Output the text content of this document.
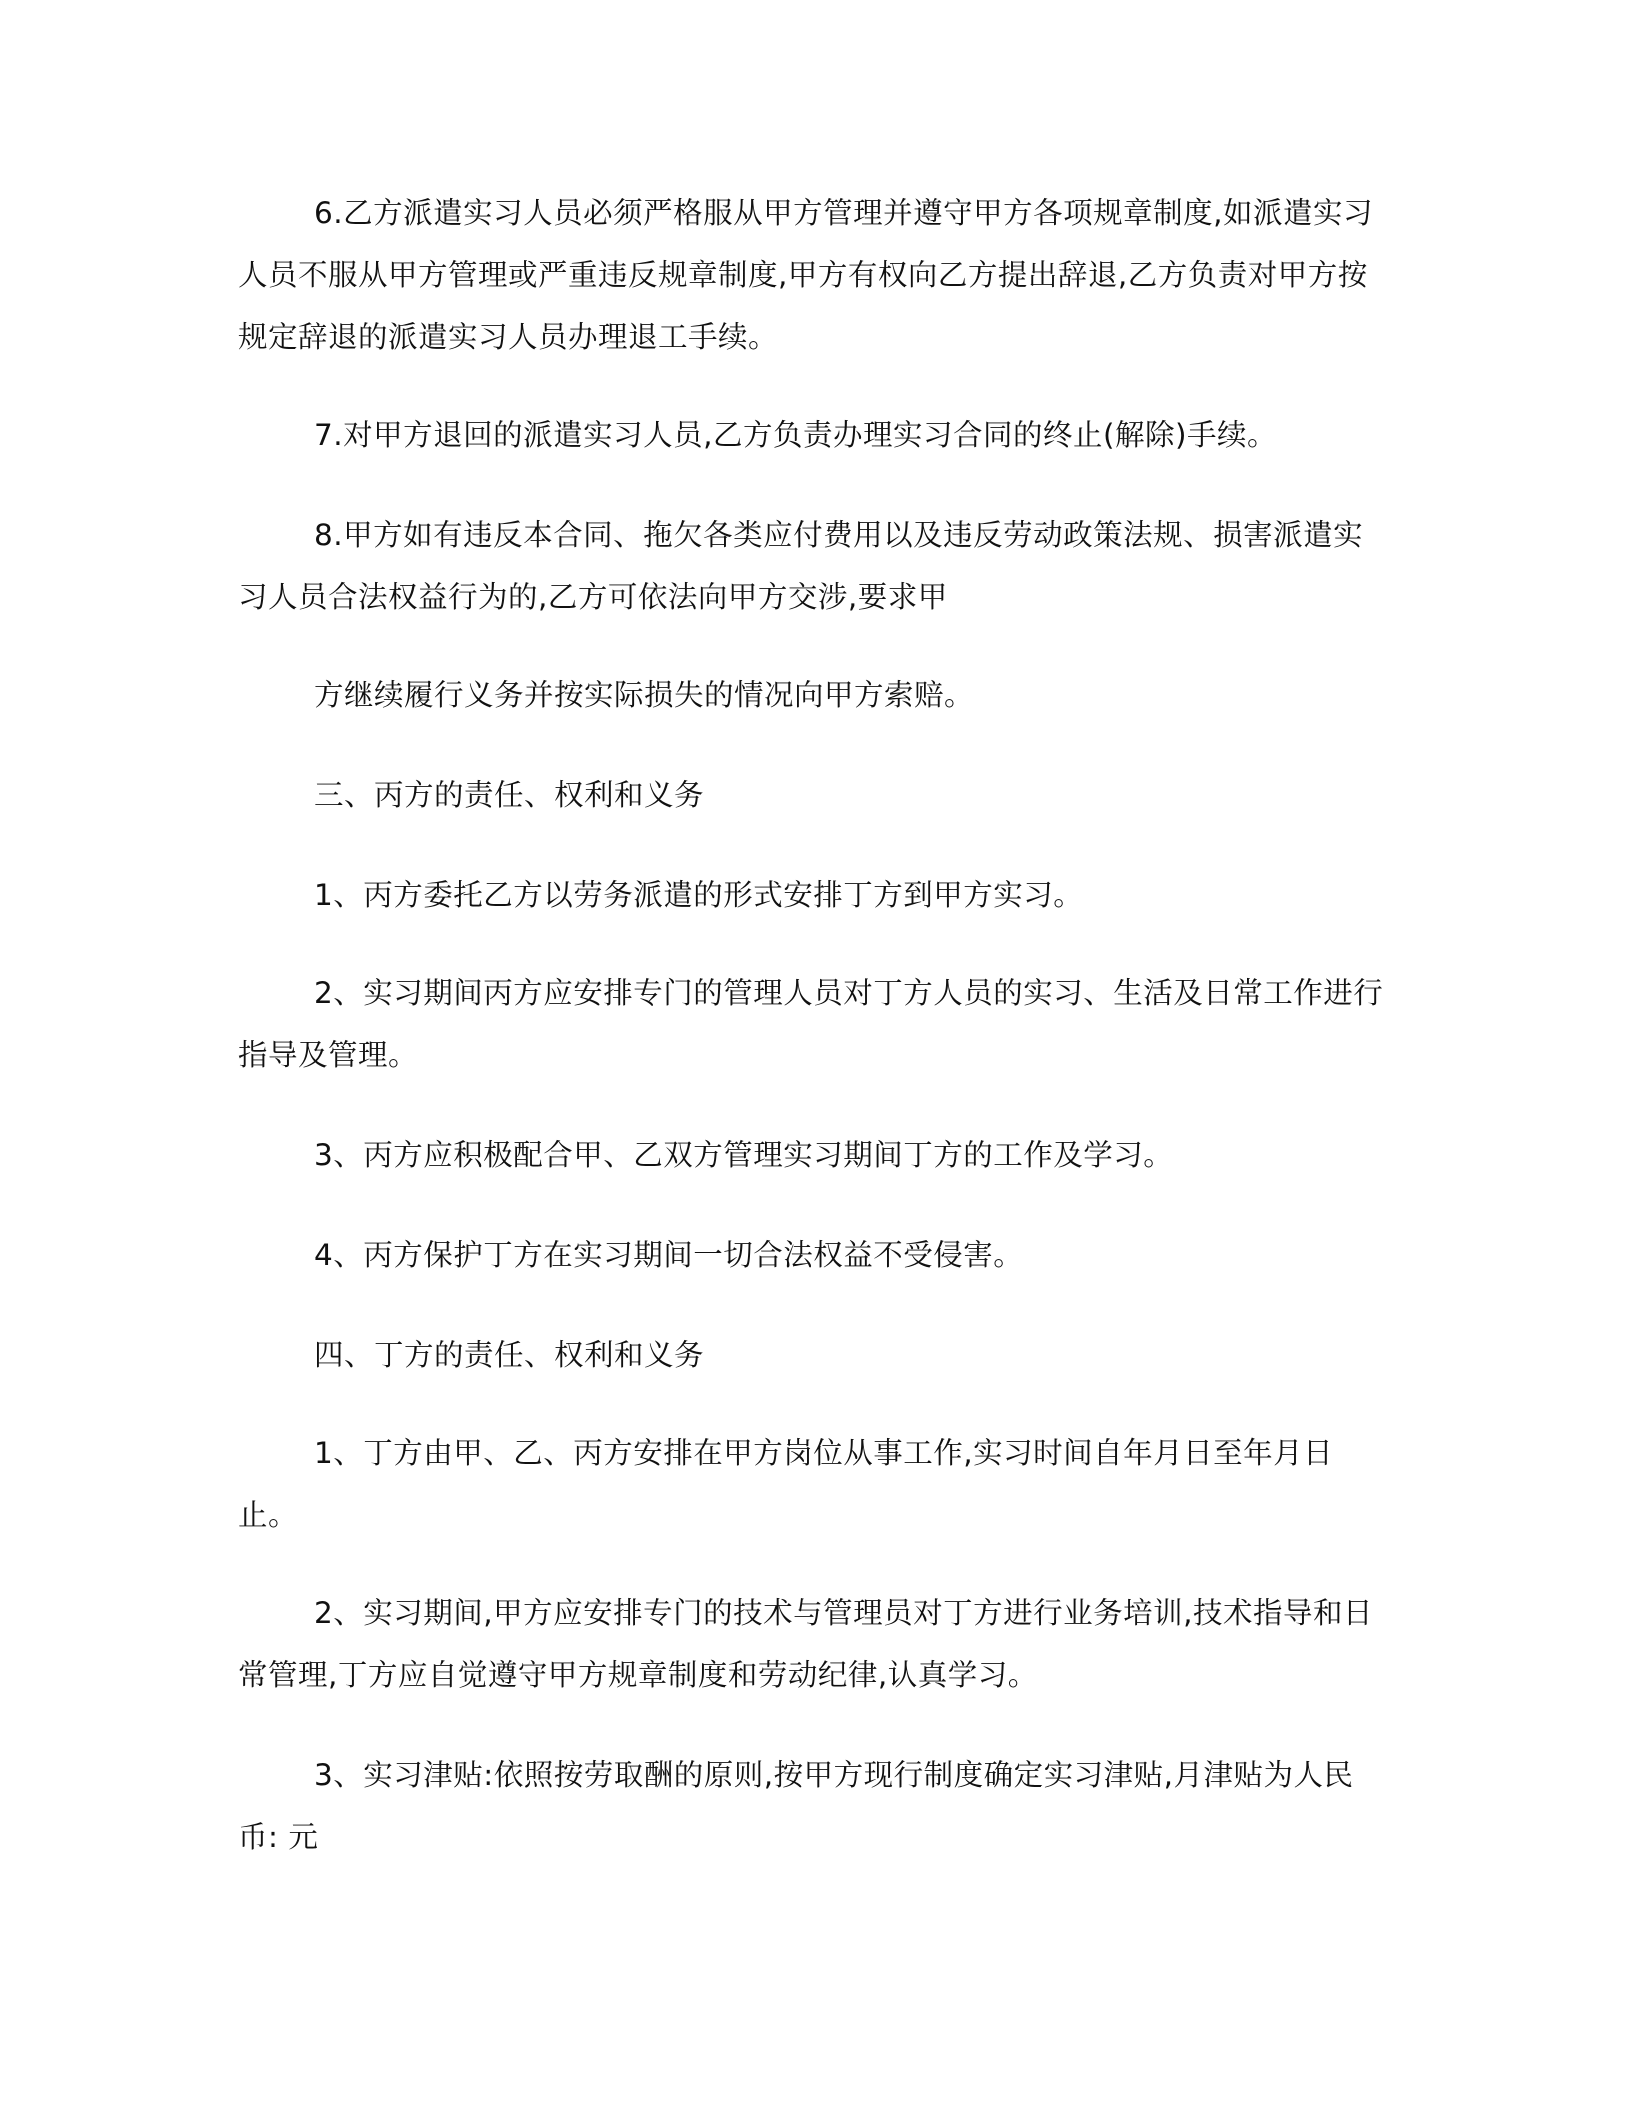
6.乙方派遣实习人员必须严格服从甲方管理并遵守甲方各项规章制度,如派遣实习人员不服从甲方管理或严重违反规章制度,甲方有权向乙方提出辞退,乙方负责对甲方按规定辞退的派遣实习人员办理退工手续。

7.对甲方退回的派遣实习人员,乙方负责办理实习合同的终止(解除)手续。

8.甲方如有违反本合同、拖欠各类应付费用以及违反劳动政策法规、损害派遣实习人员合法权益行为的,乙方可依法向甲方交涉,要求甲

方继续履行义务并按实际损失的情况向甲方索赔。

三、丙方的责任、权利和义务

1、丙方委托乙方以劳务派遣的形式安排丁方到甲方实习。

2、实习期间丙方应安排专门的管理人员对丁方人员的实习、生活及日常工作进行指导及管理。

3、丙方应积极配合甲、乙双方管理实习期间丁方的工作及学习。

4、丙方保护丁方在实习期间一切合法权益不受侵害。

四、丁方的责任、权利和义务

1、丁方由甲、乙、丙方安排在甲方岗位从事工作,实习时间自年月日至年月日止。

2、实习期间,甲方应安排专门的技术与管理员对丁方进行业务培训,技术指导和日常管理,丁方应自觉遵守甲方规章制度和劳动纪律,认真学习。

3、实习津贴:依照按劳取酬的原则,按甲方现行制度确定实习津贴,月津贴为人民币: 元
